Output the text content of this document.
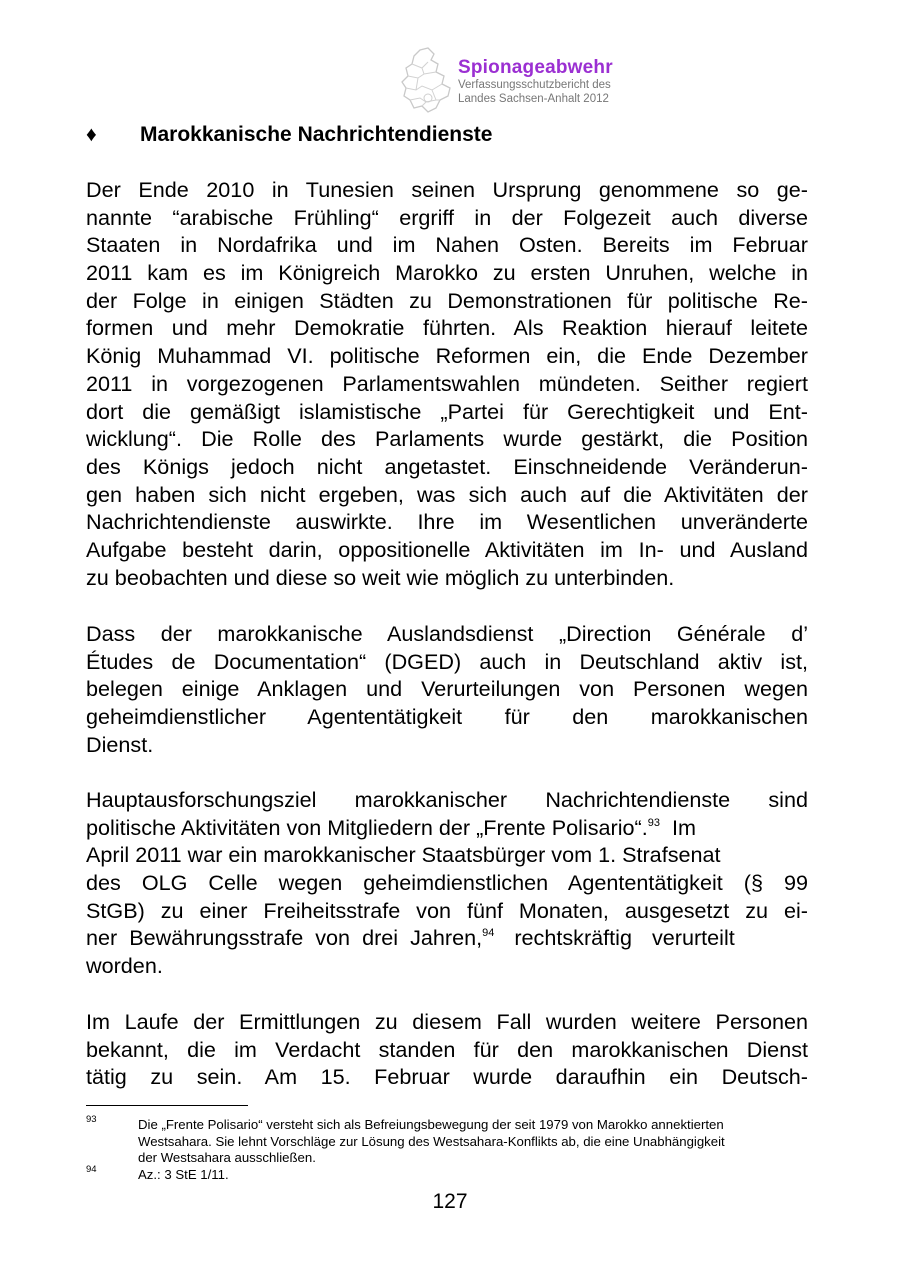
Spionageabwehr
Verfassungsschutzbericht des
Landes Sachsen-Anhalt 2012
♦ Marokkanische Nachrichtendienste
Der Ende 2010 in Tunesien seinen Ursprung genommene so ge-
nannte “arabische Frühling“ ergriff in der Folgezeit auch diverse
Staaten in Nordafrika und im Nahen Osten. Bereits im Februar
2011 kam es im Königreich Marokko zu ersten Unruhen, welche in
der Folge in einigen Städten zu Demonstrationen für politische Re-
formen und mehr Demokratie führten. Als Reaktion hierauf leitete
König Muhammad VI. politische Reformen ein, die Ende Dezember
2011 in vorgezogenen Parlamentswahlen mündeten. Seither regiert
dort die gemäßigt islamistische „Partei für Gerechtigkeit und Ent-
wicklung“. Die Rolle des Parlaments wurde gestärkt, die Position
des Königs jedoch nicht angetastet. Einschneidende Veränderun-
gen haben sich nicht ergeben, was sich auch auf die Aktivitäten der
Nachrichtendienste auswirkte. Ihre im Wesentlichen unveränderte
Aufgabe besteht darin, oppositionelle Aktivitäten im In- und Ausland
zu beobachten und diese so weit wie möglich zu unterbinden.
Dass der marokkanische Auslandsdienst „Direction Générale d’
Études de Documentation“ (DGED) auch in Deutschland aktiv ist,
belegen einige Anklagen und Verurteilungen von Personen wegen
geheimdienstlicher Agententätigkeit für den marokkanischen
Dienst.
Hauptausforschungsziel marokkanischer Nachrichtendienste sind
politische Aktivitäten von Mitgliedern der „Frente Polisario“.$^{93}$ Im
April 2011 war ein marokkanischer Staatsbürger vom 1. Strafsenat
des OLG Celle wegen geheimdienstlichen Agententätigkeit (§ 99
StGB) zu einer Freiheitsstrafe von fünf Monaten, ausgesetzt zu ei-
ner Bewährungsstrafe von drei Jahren,$^{94}$ rechtskräftig verurteilt
worden.
Im Laufe der Ermittlungen zu diesem Fall wurden weitere Personen
bekannt, die im Verdacht standen für den marokkanischen Dienst
tätig zu sein. Am 15. Februar wurde daraufhin ein Deutsch-
93	Die „Frente Polisario“ versteht sich als Befreiungsbewegung der seit 1979 von Marokko annektierten
Westsahara. Sie lehnt Vorschläge zur Lösung des Westsahara-Konflikts ab, die eine Unabhängigkeit
der Westsahara ausschließen.
94	Az.: 3 StE 1/11.
127
